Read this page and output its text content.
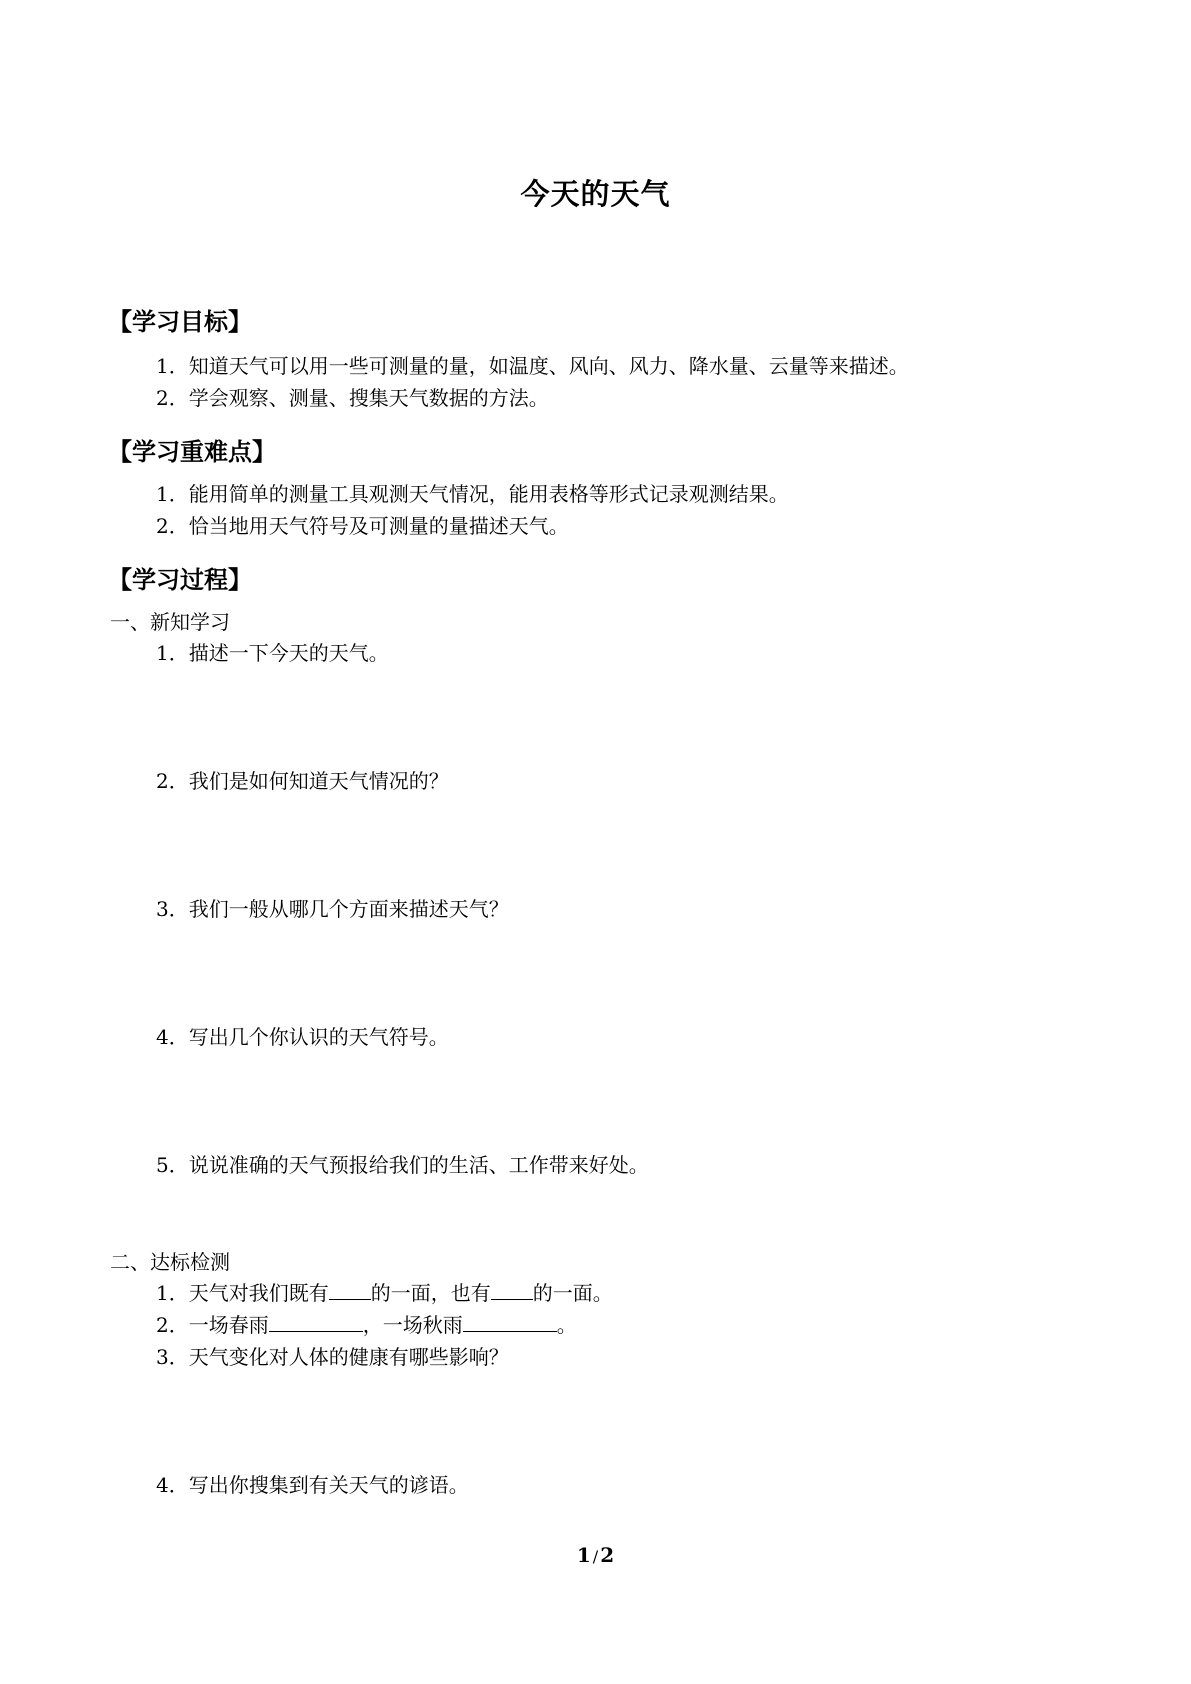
今天的天气
【学习目标】
1．知道天气可以用一些可测量的量，如温度、风向、风力、降水量、云量等来描述。
2．学会观察、测量、搜集天气数据的方法。
【学习重难点】
1．能用简单的测量工具观测天气情况，能用表格等形式记录观测结果。
2．恰当地用天气符号及可测量的量描述天气。
【学习过程】
一、新知学习
1．描述一下今天的天气。
2．我们是如何知道天气情况的？
3．我们一般从哪几个方面来描述天气？
4．写出几个你认识的天气符号。
5．说说准确的天气预报给我们的生活、工作带来好处。
二、达标检测
1．天气对我们既有 的一面，也有 的一面。
2．一场春雨	，一场秋雨	。
3．天气变化对人体的健康有哪些影响？
4．写出你搜集到有关天气的谚语。
1 / 2
